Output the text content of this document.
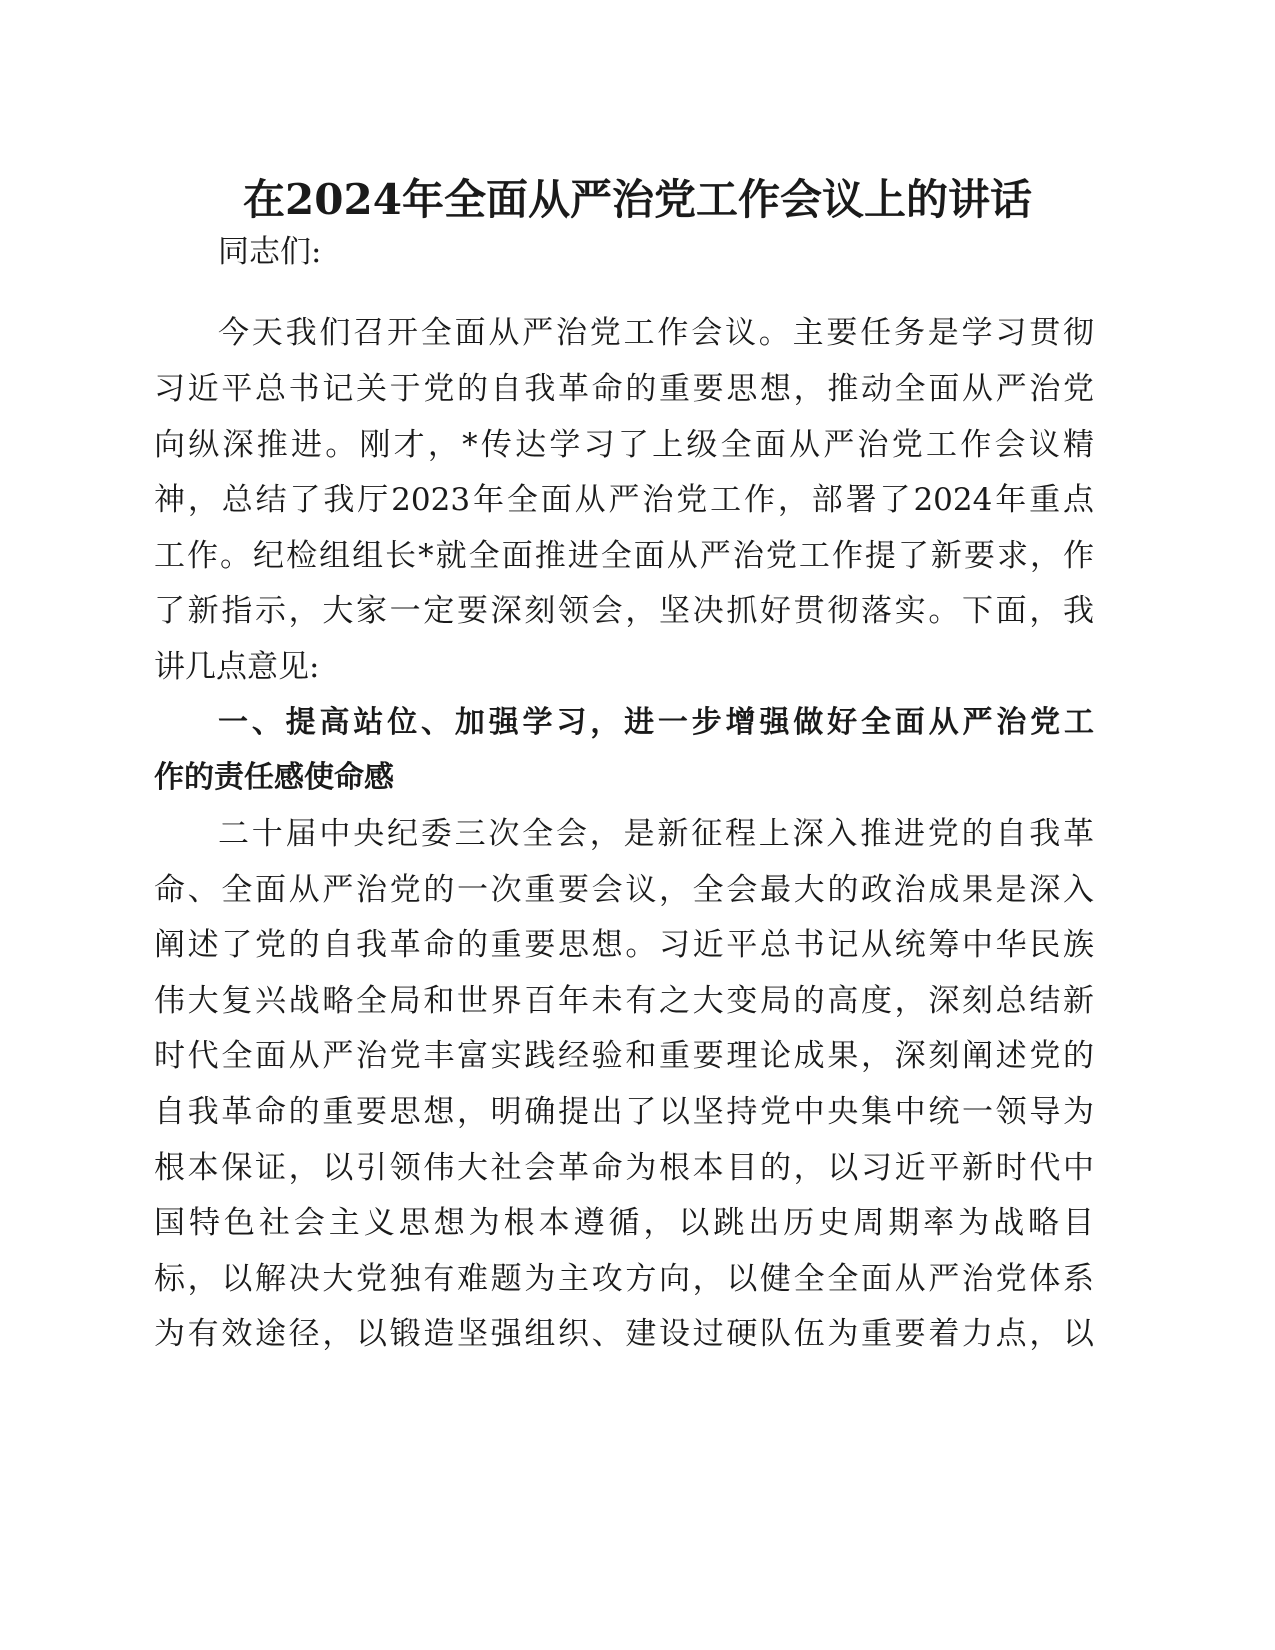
在2024年全面从严治党工作会议上的讲话
同志们:
今天我们召开全面从严治党工作会议。主要任务是学习贯彻
习近平总书记关于党的自我革命的重要思想，推动全面从严治党
向纵深推进。刚才，*传达学习了上级全面从严治党工作会议精
神，总结了我厅2023年全面从严治党工作，部署了2024年重点
工作。纪检组组长*就全面推进全面从严治党工作提了新要求，作
了新指示，大家一定要深刻领会，坚决抓好贯彻落实。下面，我
讲几点意见:
一、提高站位、加强学习，进一步增强做好全面从严治党工
作的责任感使命感
二十届中央纪委三次全会，是新征程上深入推进党的自我革
命、全面从严治党的一次重要会议，全会最大的政治成果是深入
阐述了党的自我革命的重要思想。习近平总书记从统筹中华民族
伟大复兴战略全局和世界百年未有之大变局的高度，深刻总结新
时代全面从严治党丰富实践经验和重要理论成果，深刻阐述党的
自我革命的重要思想，明确提出了以坚持党中央集中统一领导为
根本保证，以引领伟大社会革命为根本目的，以习近平新时代中
国特色社会主义思想为根本遵循，以跳出历史周期率为战略目
标，以解决大党独有难题为主攻方向，以健全全面从严治党体系
为有效途径，以锻造坚强组织、建设过硬队伍为重要着力点，以
